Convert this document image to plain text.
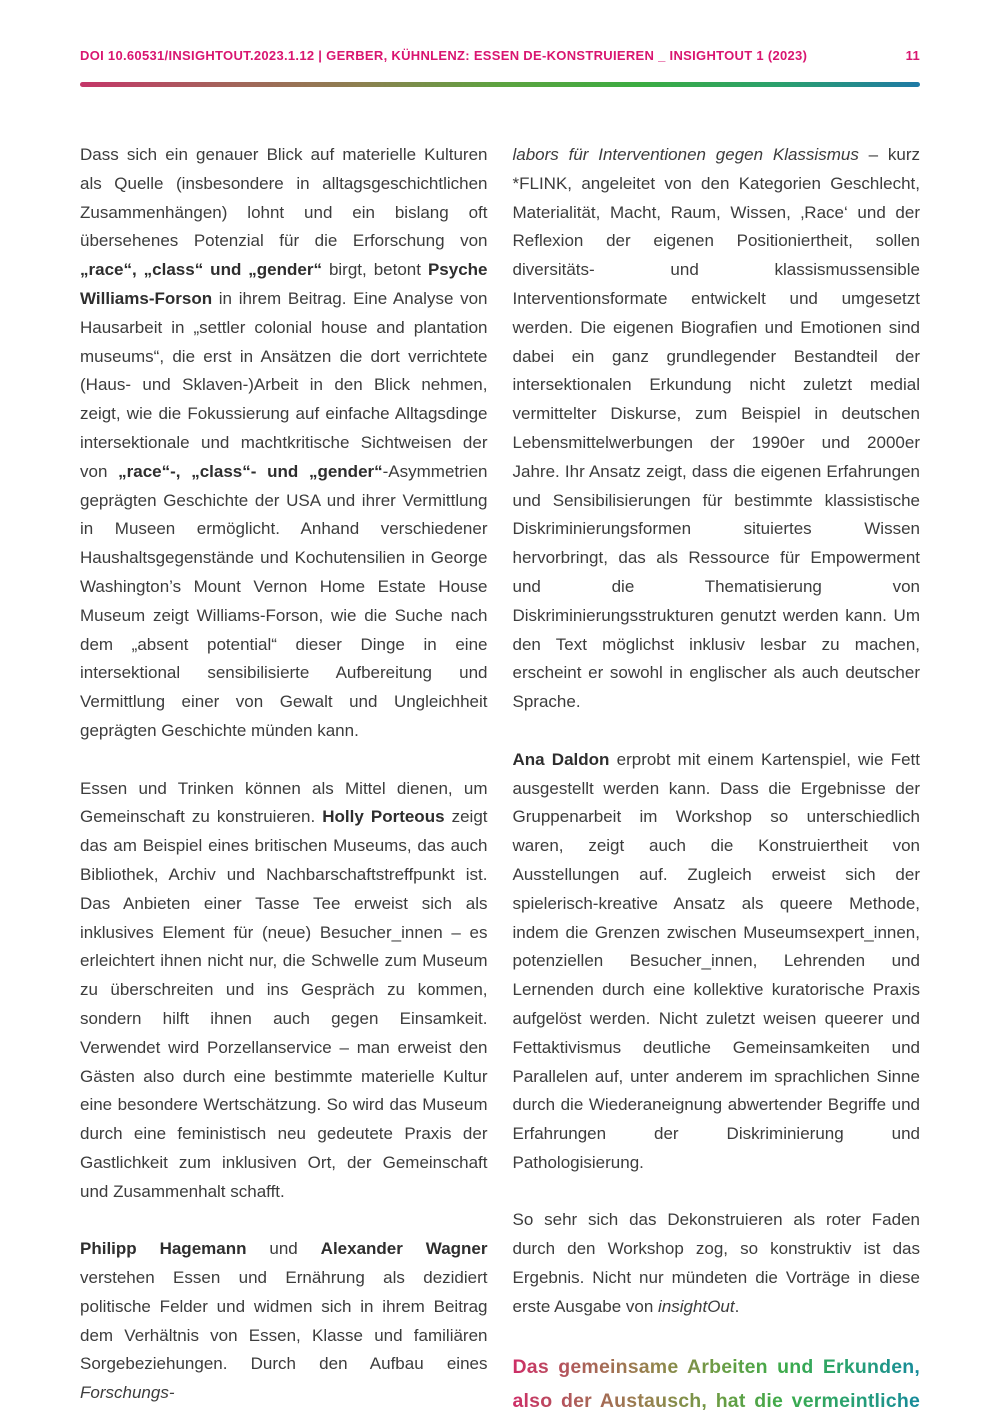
DOI 10.60531/INSIGHTOUT.2023.1.12 | GERBER, KÜHNLENZ: ESSEN DE-KONSTRUIEREN _ INSIGHTOUT 1 (2023)	11

Dass sich ein genauer Blick auf materielle Kulturen als Quelle (insbesondere in alltagsgeschichtlichen Zusammenhängen) lohnt und ein bislang oft übersehenes Potenzial für die Erforschung von „race“, „class“ und „gender“ birgt, betont Psyche Williams-Forson in ihrem Beitrag. Eine Analyse von Hausarbeit in „settler colonial house and plantation museums“, die erst in Ansätzen die dort verrichtete (Haus- und Sklaven-)Arbeit in den Blick nehmen, zeigt, wie die Fokussierung auf einfache Alltagsdinge intersektionale und machtkritische Sichtweisen der von „race“-, „class“- und „gender“-Asymmetrien geprägten Geschichte der USA und ihrer Vermittlung in Museen ermöglicht. Anhand verschiedener Haushaltsgegenstände und Kochutensilien in George Washington’s Mount Vernon Home Estate House Museum zeigt Williams-Forson, wie die Suche nach dem „absent potential“ dieser Dinge in eine intersektional sensibilisierte Aufbereitung und Vermittlung einer von Gewalt und Ungleichheit geprägten Geschichte münden kann.

Essen und Trinken können als Mittel dienen, um Gemeinschaft zu konstruieren. Holly Porteous zeigt das am Beispiel eines britischen Museums, das auch Bibliothek, Archiv und Nachbarschaftstreffpunkt ist. Das Anbieten einer Tasse Tee erweist sich als inklusives Element für (neue) Besucher_innen – es erleichtert ihnen nicht nur, die Schwelle zum Museum zu überschreiten und ins Gespräch zu kommen, sondern hilft ihnen auch gegen Einsamkeit. Verwendet wird Porzellanservice – man erweist den Gästen also durch eine bestimmte materielle Kultur eine besondere Wertschätzung. So wird das Museum durch eine feministisch neu gedeutete Praxis der Gastlichkeit zum inklusiven Ort, der Gemeinschaft und Zusammenhalt schafft.

Philipp Hagemann und Alexander Wagner verstehen Essen und Ernährung als dezidiert politische Felder und widmen sich in ihrem Beitrag dem Verhältnis von Essen, Klasse und familiären Sorgebeziehungen. Durch den Aufbau eines Forschungs-

labors für Interventionen gegen Klassismus – kurz *FLINK, angeleitet von den Kategorien Geschlecht, Materialität, Macht, Raum, Wissen, ‚Race‘ und der Reflexion der eigenen Positioniertheit, sollen diversitäts- und klassismussensible Interventionsformate entwickelt und umgesetzt werden. Die eigenen Biografien und Emotionen sind dabei ein ganz grundlegender Bestandteil der intersektionalen Erkundung nicht zuletzt medial vermittelter Diskurse, zum Beispiel in deutschen Lebensmittelwerbungen der 1990er und 2000er Jahre. Ihr Ansatz zeigt, dass die eigenen Erfahrungen und Sensibilisierungen für bestimmte klassistische Diskriminierungsformen situiertes Wissen hervorbringt, das als Ressource für Empowerment und die Thematisierung von Diskriminierungsstrukturen genutzt werden kann. Um den Text möglichst inklusiv lesbar zu machen, erscheint er sowohl in englischer als auch deutscher Sprache.

Ana Daldon erprobt mit einem Kartenspiel, wie Fett ausgestellt werden kann. Dass die Ergebnisse der Gruppenarbeit im Workshop so unterschiedlich waren, zeigt auch die Konstruiertheit von Ausstellungen auf. Zugleich erweist sich der spielerisch-kreative Ansatz als queere Methode, indem die Grenzen zwischen Museumsexpert_innen, potenziellen Besucher_innen, Lehrenden und Lernenden durch eine kollektive kuratorische Praxis aufgelöst werden. Nicht zuletzt weisen queerer und Fettaktivismus deutliche Gemeinsamkeiten und Parallelen auf, unter anderem im sprachlichen Sinne durch die Wiederaneignung abwertender Begriffe und Erfahrungen der Diskriminierung und Pathologisierung.

So sehr sich das Dekonstruieren als roter Faden durch den Workshop zog, so konstruktiv ist das Ergebnis. Nicht nur mündeten die Vorträge in diese erste Ausgabe von insightOut.

Das gemeinsame Arbeiten und Erkunden, also der Austausch, hat die vermeintliche
